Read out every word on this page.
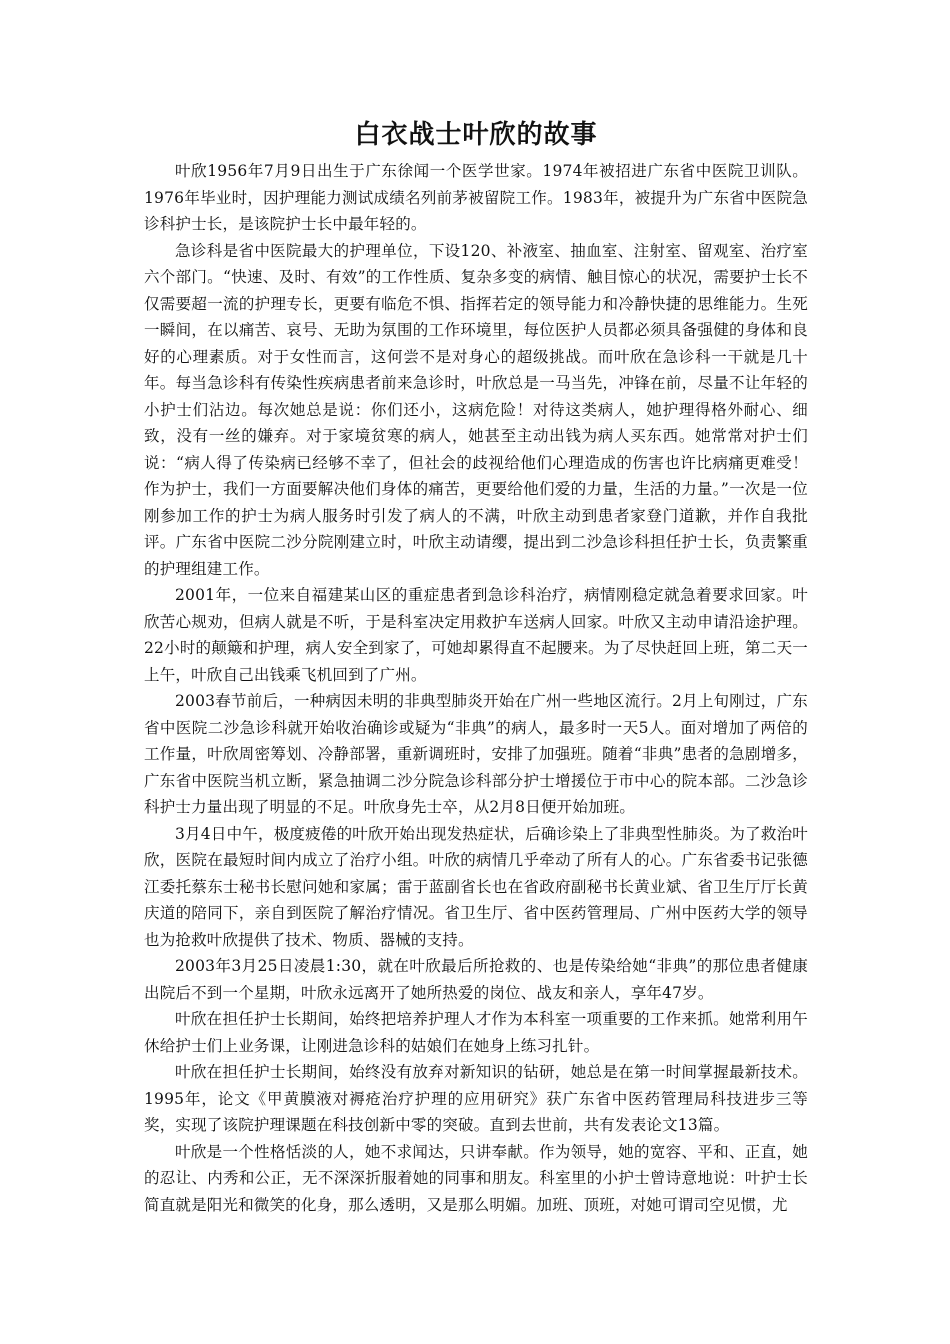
白衣战士叶欣的故事

叶欣1956年7月9日出生于广东徐闻一个医学世家。1974年被招进广东省中医院卫训队。1976年毕业时，因护理能力测试成绩名列前茅被留院工作。1983年，被提升为广东省中医院急诊科护士长，是该院护士长中最年轻的。

急诊科是省中医院最大的护理单位，下设120、补液室、抽血室、注射室、留观室、治疗室六个部门。“快速、及时、有效”的工作性质、复杂多变的病情、触目惊心的状况，需要护士长不仅需要超一流的护理专长，更要有临危不惧、指挥若定的领导能力和冷静快捷的思维能力。生死一瞬间，在以痛苦、哀号、无助为氛围的工作环境里，每位医护人员都必须具备强健的身体和良好的心理素质。对于女性而言，这何尝不是对身心的超级挑战。而叶欣在急诊科一干就是几十年。每当急诊科有传染性疾病患者前来急诊时，叶欣总是一马当先，冲锋在前，尽量不让年轻的小护士们沾边。每次她总是说：你们还小，这病危险！对待这类病人，她护理得格外耐心、细致，没有一丝的嫌弃。对于家境贫寒的病人，她甚至主动出钱为病人买东西。她常常对护士们说：“病人得了传染病已经够不幸了，但社会的歧视给他们心理造成的伤害也许比病痛更难受！作为护士，我们一方面要解决他们身体的痛苦，更要给他们爱的力量，生活的力量。”一次是一位刚参加工作的护士为病人服务时引发了病人的不满，叶欣主动到患者家登门道歉，并作自我批评。广东省中医院二沙分院刚建立时，叶欣主动请缨，提出到二沙急诊科担任护士长，负责繁重的护理组建工作。

2001年，一位来自福建某山区的重症患者到急诊科治疗，病情刚稳定就急着要求回家。叶欣苦心规劝，但病人就是不听，于是科室决定用救护车送病人回家。叶欣又主动申请沿途护理。22小时的颠簸和护理，病人安全到家了，可她却累得直不起腰来。为了尽快赶回上班，第二天一上午，叶欣自己出钱乘飞机回到了广州。

2003春节前后，一种病因未明的非典型肺炎开始在广州一些地区流行。2月上旬刚过，广东省中医院二沙急诊科就开始收治确诊或疑为“非典”的病人，最多时一天5人。面对增加了两倍的工作量，叶欣周密筹划、冷静部署，重新调班时，安排了加强班。随着“非典”患者的急剧增多，广东省中医院当机立断，紧急抽调二沙分院急诊科部分护士增援位于市中心的院本部。二沙急诊科护士力量出现了明显的不足。叶欣身先士卒，从2月8日便开始加班。

3月4日中午，极度疲倦的叶欣开始出现发热症状，后确诊染上了非典型性肺炎。为了救治叶欣，医院在最短时间内成立了治疗小组。叶欣的病情几乎牵动了所有人的心。广东省委书记张德江委托蔡东士秘书长慰问她和家属；雷于蓝副省长也在省政府副秘书长黄业斌、省卫生厅厅长黄庆道的陪同下，亲自到医院了解治疗情况。省卫生厅、省中医药管理局、广州中医药大学的领导也为抢救叶欣提供了技术、物质、器械的支持。

2003年3月25日凌晨1:30，就在叶欣最后所抢救的、也是传染给她“非典”的那位患者健康出院后不到一个星期，叶欣永远离开了她所热爱的岗位、战友和亲人，享年47岁。

叶欣在担任护士长期间，始终把培养护理人才作为本科室一项重要的工作来抓。她常利用午休给护士们上业务课，让刚进急诊科的姑娘们在她身上练习扎针。

叶欣在担任护士长期间，始终没有放弃对新知识的钻研，她总是在第一时间掌握最新技术。1995年，论文《甲黄膜液对褥疮治疗护理的应用研究》获广东省中医药管理局科技进步三等奖，实现了该院护理课题在科技创新中零的突破。直到去世前，共有发表论文13篇。

叶欣是一个性格恬淡的人，她不求闻达，只讲奉献。作为领导，她的宽容、平和、正直，她的忍让、内秀和公正，无不深深折服着她的同事和朋友。科室里的小护士曾诗意地说：叶护士长简直就是阳光和微笑的化身，那么透明，又是那么明媚。加班、顶班，对她可谓司空见惯，尤
